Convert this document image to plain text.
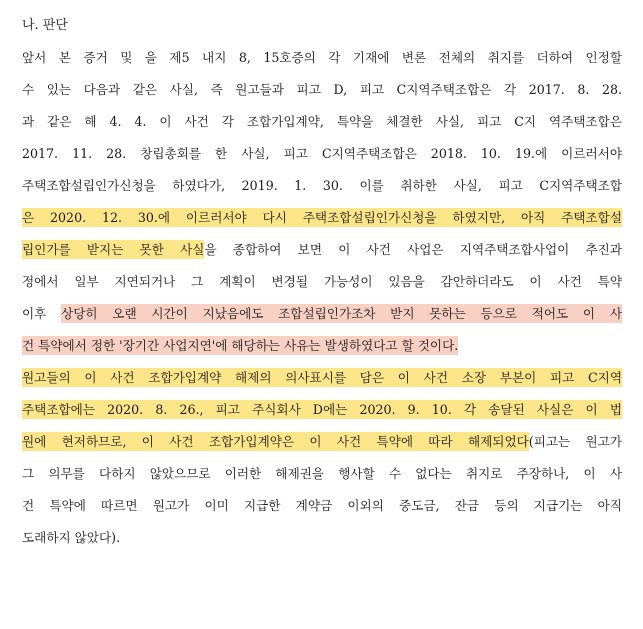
나. 판단
앞서 본 증거 및 을 제5 내지 8, 15호증의 각 기재에 변론 전체의 취지를 더하여 인정할
수 있는 다음과 같은 사실, 즉 원고들과 피고 D, 피고 C지역주택조합은 각 2017. 8. 28.
과 같은 해 4. 4. 이 사건 각 조합가입계약, 특약을 체결한 사실, 피고 C지 역주택조합은
2017. 11. 28. 창립총회를 한 사실, 피고 C지역주택조합은 2018. 10. 19.에 이르러서야
주택조합설립인가신청을 하였다가, 2019. 1. 30. 이를 취하한 사실, 피고 C지역주택조합
은 2020. 12. 30.에 이르러서야 다시 주택조합설립인가신청을 하였지만, 아직 주택조합설
립인가를 받지는 못한 사실을 종합하여 보면 이 사건 사업은 지역주택조합사업이 추진과
정에서 일부 지연되거나 그 계획이 변경될 가능성이 있음을 감안하더라도 이 사건 특약
이후 상당히 오랜 시간이 지났음에도 조합설립인가조차 받지 못하는 등으로 적어도 이 사
건 특약에서 정한 '장기간 사업지연'에 해당하는 사유는 발생하였다고 할 것이다.
원고들의 이 사건 조합가입계약 해제의 의사표시를 담은 이 사건 소장 부본이 피고 C지역
주택조합에는 2020. 8. 26., 피고 주식회사 D에는 2020. 9. 10. 각 송달된 사실은 이 법
원에 현저하므로, 이 사건 조합가입계약은 이 사건 특약에 따라 해제되었다(피고는 원고가
그 의무를 다하지 않았으므로 이러한 해제권을 행사할 수 없다는 취지로 주장하나, 이 사
건 특약에 따르면 원고가 이미 지급한 계약금 이외의 중도금, 잔금 등의 지급기는 아직
도래하지 않았다).
